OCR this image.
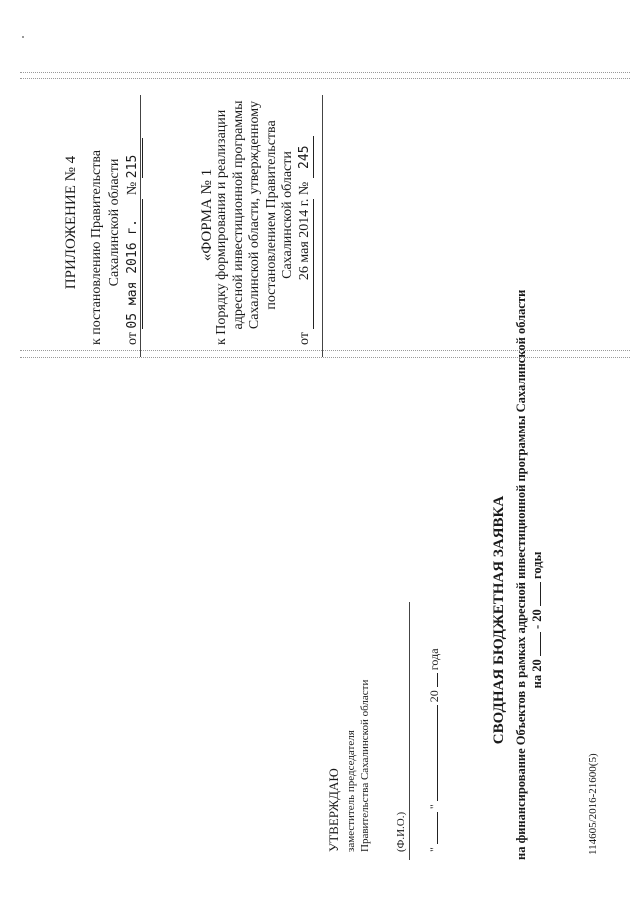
ПРИЛОЖЕНИЕ № 4 к постановлению Правительства Сахалинской области
от 05 мая 2016 г. № 215
«ФОРМА № 1 к Порядку формирования и реализации адресной инвестиционной программы Сахалинской области, утвержденному постановлением Правительства Сахалинской области
от 26 мая 2014 г. № 245
УТВЕРЖДАЮ заместитель председателя Правительства Сахалинской области (Ф.И.О.) "  "  20  года	СВОДНАЯ БЮДЖЕТНАЯ ЗАЯВКА на финансирование Объектов в рамках адресной инвестиционной программы Сахалинской области на 20  - 20  годы
114605/2016-21600(5)
